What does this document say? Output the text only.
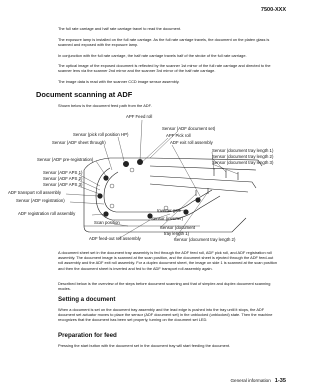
7500-XXX

The full rate carriage and half rate carriage travel to read the document.

The exposure lamp is installed on the full rate carriage. As the full rate carriage travels, the document on the platen glass is scanned and exposed with the exposure lamp.

In conjunction with the full rate carriage, the half rate carriage travels half of the stroke of the full rate carriage.

The optical image of the exposed document is reflected by the scanner 1st mirror of the full rate carriage and directed to the scanner lens via the scanner 2nd mirror and the scanner 3rd mirror of the half rate carriage.

The image data is read with the scanner CCD image sensor assembly.

Document scanning at ADF

Shown below is the document feed path from the ADF.

APF Feed roll
Sensor (ADF document set)
Sensor (pick roll position HP)	APF Pick roll
ADF exit roll assembly
Sensor (ADF sheet through)
Sensor (document tray length 1)
Sensor (document tray length 2)
Sensor (document tray length 3)
Sensor (ADF pre-registration)
Sensor (ADF APS 1)
Sensor (ADF APS 2)
Sensor (ADF APS 3)
ADF transport roll assembly
Sensor (ADF registration)
ADF registration roll assembly
Inverter gate
Sensor (inverter)
Scan position
Sensor (document
tray length 1)
ADF feed-out roll assembly	Sensor (document tray length 2)

A document sheet set in the document tray assembly is fed through the ADF feed roll, ADF pick roll, and ADF registration roll assembly. The document image is scanned at the scan position, and the document sheet is ejected through the ADF feed-out roll assembly and the ADF exit roll assembly. For a duplex document sheet, the image on side 1 is scanned at the scan position and then the document sheet is inverted and fed to the ADF transport roll assembly again.

Described below is the overview of the steps before document scanning and that of simplex and duplex document scanning modes.

Setting a document

When a document is set on the document tray assembly and the lead edge is pushed into the tray until it stops, the ADF document set actuator moves to place the sensor (ADF document set) in the unblocked (unblocked) state. Then the machine recognizes that the document has been set properly, turning on the document set LED.

Preparation for feed

Pressing the start button with the document set in the document tray will start feeding the document.

General information 1-35
